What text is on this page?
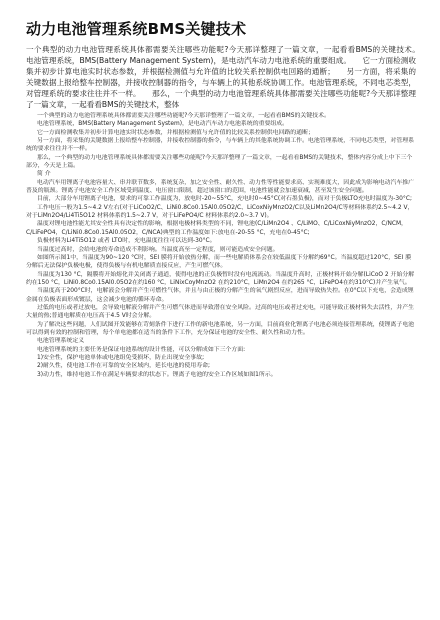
动力电池管理系统BMS关键技术

一个典型的动力电池管理系统具体都需要关注哪些功能呢?今天那详整理了一篇文章，一起看看BMS的关键技术。　　电池管理系统，BMS(Battery Management System)，是电动汽车动力电池系统的重要组成。　　它一方面检测收集并初步计算电池实时状态参数，并根据检测值与允许值的比较关系控制供电回路的通断；　　另一方面，将采集的关键数据上报给整车控制器，并接收控制器的指令，与车辆上的其他系统协调工作。电池管理系统，不同电芯类型，对管理系统的要求往往并不一样。　　那么，一个典型的动力电池管理系统具体都需要关注哪些功能呢?今天那详整理了一篇文章，一起看看BMS的关键技术，整体

一个典型的动力电池管理系统具体都需要关注哪些功能呢?今天那详整理了一篇文章，一起看看BMS的关键技术。

电池管理系统，BMS(Battery Management System)，是电动汽车动力电池系统的重要组成。

它一方面检测收集并初步计算电池实时状态参数，并根据检测值与允许值的比较关系控制供电回路的通断；

另一方面，将采集的关键数据上报给整车控制器，并接收控制器的指令，与车辆上的其他系统协调工作。电池管理系统，不同电芯类型，对管理系统的要求往往并不一样。

那么，一个典型的动力电池管理系统具体都需要关注哪些功能呢?今天那详整理了一篇文章，一起看看BMS的关键技术，整体内容分成上中下三个部分，今天是上篇。

简 介

电动汽车用锂离子电池容量大、串并联节数多，系统复杂，加之安全性、耐久性、动力性等性能要求高、实现难度大，因此成为影响电动汽车推广普及的瓶颈。锂离子电池安全工作区域受到温度、电压窗口限制，超过该窗口的范围，电池性能就会加速衰减，甚至发生安全问题。

目前，大部分车用锂离子电池，要求的可靠工作温度为，放电时-20~55°C，充电时0~45°C(对石墨负极)，而对于负极LTO充电时温度为-30°C;

工作电压一般为1.5~4.2 V左右(对于LiCoO2/C、LiNi0.8Co0.15Al0.05O2/C、LiCoxNiyMnzO2/C以及LiMn2O4/C等材料体系约2.5~4.2 V，对于LiMn2O4/Li4Ti5O12 材料体系约1.5~2.7 V，对于LiFePO4/C 材料体系约2.0~3.7 V)。

温度对锂电池性能尤其安全性具有决定性的影响，根据电极材料类型的不同，锂电池(C/LiMn2O4 、C/LiMO、C/LiCoxNiyMnzO2，C/NCM，C/LiFePO4，C/LiNi0.8Co0.15Al0.05O2，C/NCA)典型的工作温度如下:放电在-20-55 °C，充电在0-45°C;

负极材料为Li4Ti5O12 或者 LTO时，充电温度往往可以达到-30°C。

当温度过高时，会给电池的寿命造成不利影响。当温度高至一定程度，则可能造成安全问题。

如图所示图1中，当温度为90~120 °C时，SEI 膜将开始放热分解，而一些电解质体系会在较低温度下分解约69°C。当温度超过120°C，SEI 膜分解后无法保护负极电极，使得负极与有机电解质直接反应，产生可燃气体。

当温度为130 °C，隔膜将开始熔化并关闭离子通道，使得电池的正负极暂时没有电流流动。当温度升高时，正极材料开始分解(LiCoO 2 开始分解约在150 °C，LiNi0.8Co0.15Al0.05O2在约160 °C，LiNixCoyMnzO2 在约210°C，LiMn2O4 在约265 °C，LiFePO4在约310°C)并产生氧气。

当温度高于200°C时，电解液会分解并产生可燃性气体，并且与由正极的分解产生的氧气剧烈反应，进而导致热失控。在0°C以下充电，会造成锂金属在负极表面形成镀层，这会减少电池的循环寿命。

过低的电压或者过放电，会导致电解液分解并产生可燃气体进而导致潜在安全风险。过高的电压或者过充电，可能导致正极材料失去活性，并产生大量的热;普通电解质在电压高于4.5 V时会分解。

为了解决这些问题，人们试图开发能够在苛刻条件下进行工作的新电池系统，另一方面，目前商业化锂离子电池必须连接管理系统，使锂离子电池可以得到有效的控制和管理，每个单电池都在适当的条件下工作，充分保证电池的安全性、耐久性和动力性。

电池管理系统定义

电池管理系统的主要任务是保证电池系统的设计性能，可以分解成如下三个方面:

1)安全性，保护电池单体或电池组免受损坏，防止出现安全事故;

2)耐久性，使电池工作在可靠的安全区域内，延长电池的使用寿命;

3)动力性，维持电池工作在满足车辆要求的状态下。锂离子电池的安全工作区域如图1所示。
